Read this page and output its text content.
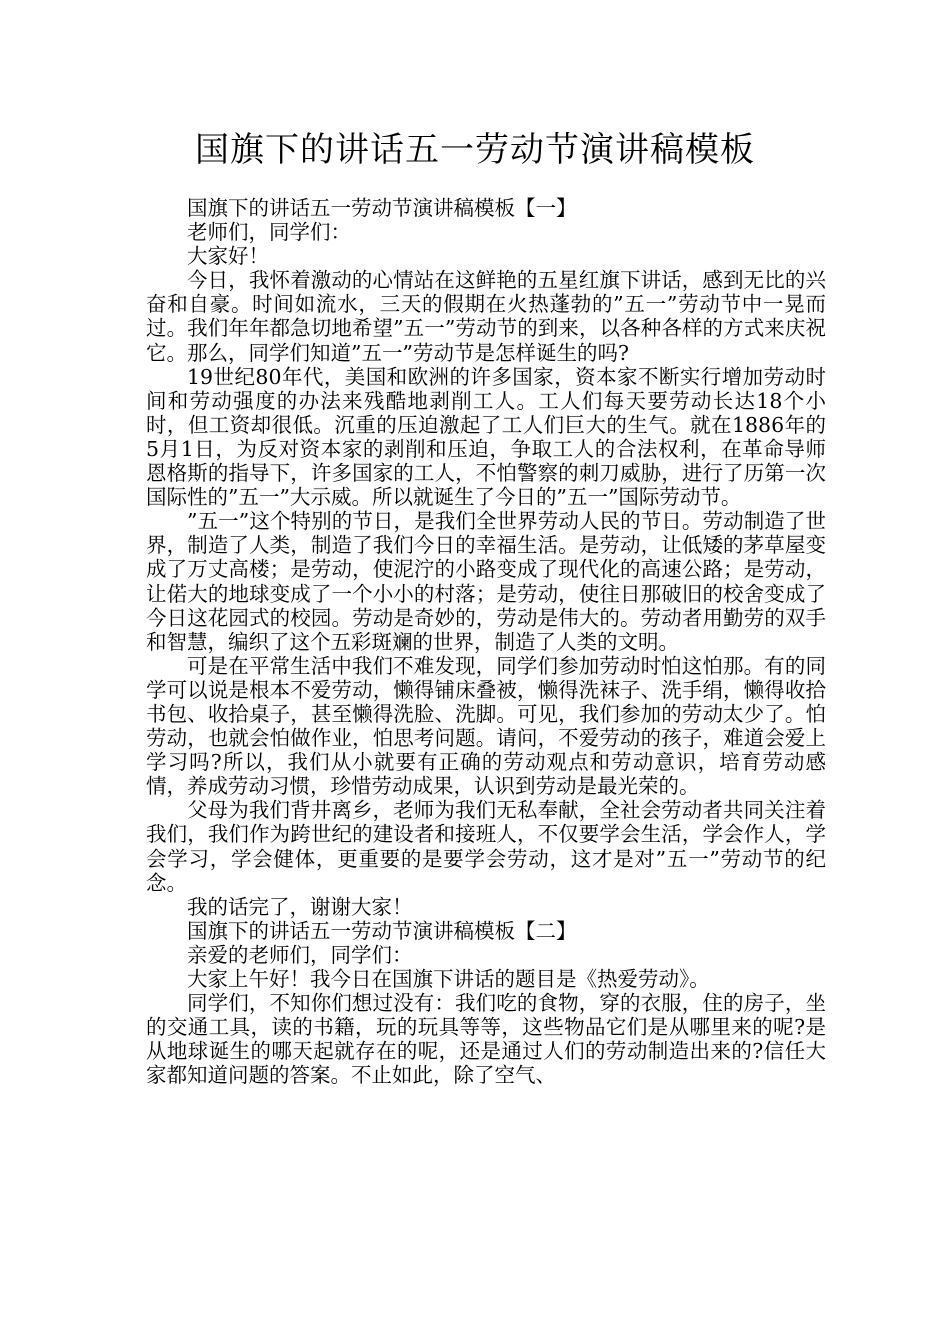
国旗下的讲话五一劳动节演讲稿模板

国旗下的讲话五一劳动节演讲稿模板【一】

老师们，同学们：

大家好！

今日，我怀着激动的心情站在这鲜艳的五星红旗下讲话，感到无比的兴奋和自豪。时间如流水，三天的假期在火热蓬勃的”五一”劳动节中一晃而过。我们年年都急切地希望”五一”劳动节的到来，以各种各样的方式来庆祝它。那么，同学们知道”五一”劳动节是怎样诞生的吗?

19世纪80年代，美国和欧洲的许多国家，资本家不断实行增加劳动时间和劳动强度的办法来残酷地剥削工人。工人们每天要劳动长达18个小时，但工资却很低。沉重的压迫激起了工人们巨大的生气。就在1886年的5月1日，为反对资本家的剥削和压迫，争取工人的合法权利，在革命导师恩格斯的指导下，许多国家的工人，不怕警察的刺刀威胁，进行了历第一次国际性的”五一”大示威。所以就诞生了今日的”五一”国际劳动节。

”五一”这个特别的节日，是我们全世界劳动人民的节日。劳动制造了世界，制造了人类，制造了我们今日的幸福生活。是劳动，让低矮的茅草屋变成了万丈高楼；是劳动，使泥泞的小路变成了现代化的高速公路；是劳动，让偌大的地球变成了一个小小的村落；是劳动，使往日那破旧的校舍变成了今日这花园式的校园。劳动是奇妙的，劳动是伟大的。劳动者用勤劳的双手和智慧，编织了这个五彩斑斓的世界，制造了人类的文明。

可是在平常生活中我们不难发现，同学们参加劳动时怕这怕那。有的同学可以说是根本不爱劳动，懒得铺床叠被，懒得洗袜子、洗手绢，懒得收拾书包、收拾桌子，甚至懒得洗脸、洗脚。可见，我们参加的劳动太少了。怕劳动，也就会怕做作业，怕思考问题。请问，不爱劳动的孩子，难道会爱上学习吗?所以，我们从小就要有正确的劳动观点和劳动意识，培育劳动感情，养成劳动习惯，珍惜劳动成果，认识到劳动是最光荣的。

父母为我们背井离乡，老师为我们无私奉献，全社会劳动者共同关注着我们，我们作为跨世纪的建设者和接班人，不仅要学会生活，学会作人，学会学习，学会健体，更重要的是要学会劳动，这才是对”五一”劳动节的纪念。

我的话完了，谢谢大家！

国旗下的讲话五一劳动节演讲稿模板【二】

亲爱的老师们，同学们：

大家上午好！我今日在国旗下讲话的题目是《热爱劳动》。

同学们，不知你们想过没有：我们吃的食物，穿的衣服，住的房子，坐的交通工具，读的书籍，玩的玩具等等，这些物品它们是从哪里来的呢?是从地球诞生的哪天起就存在的呢，还是通过人们的劳动制造出来的?信任大家都知道问题的答案。不止如此，除了空气、
